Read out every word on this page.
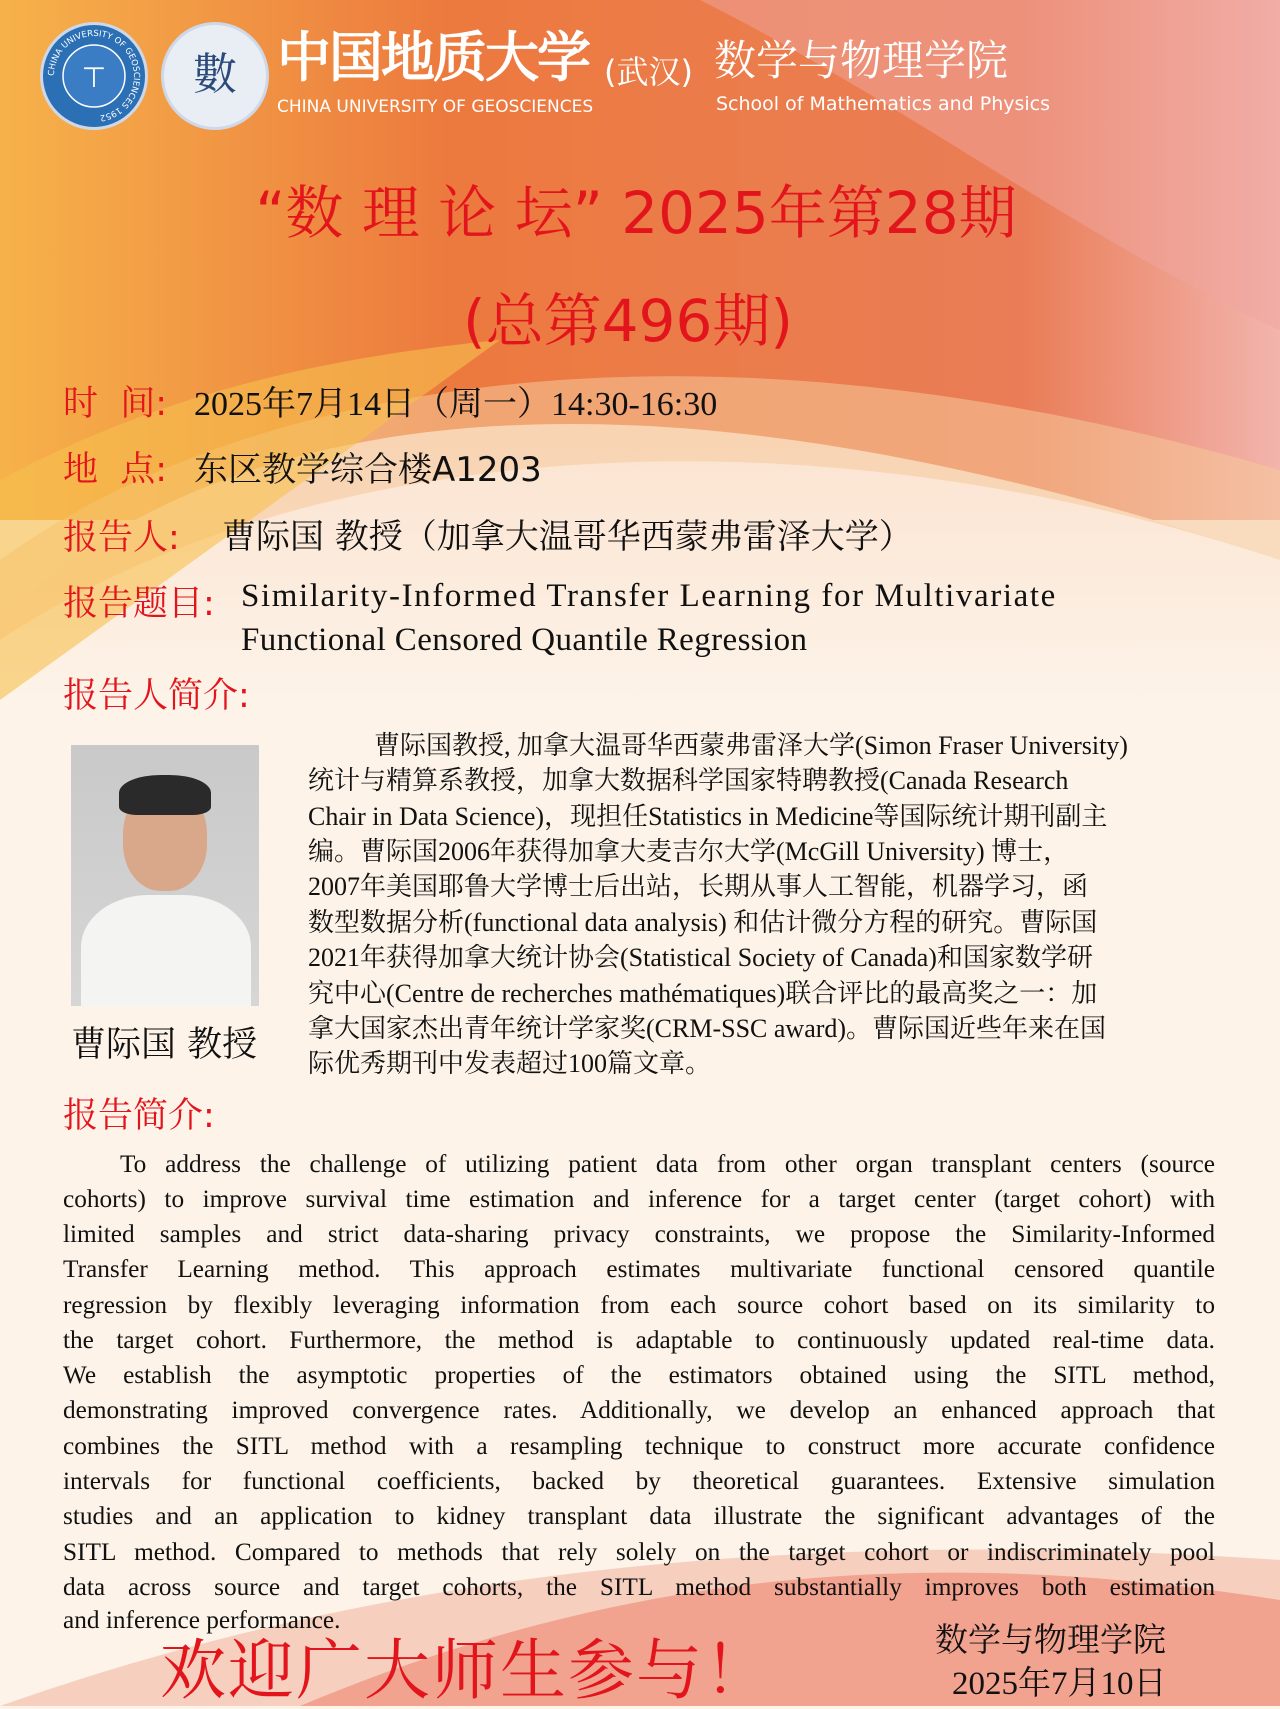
CHINA UNIVERSITY OF GEOSCIENCES 1952
⊤	數 中国地质大学 (武汉)
CHINA UNIVERSITY OF GEOSCIENCES
数学与物理学院
School of Mathematics and Physics
“数 理 论 坛” 2025年第28期
(总第496期)
时  间: 2025年7月14日（周一）14:30-16:30
地  点: 东区教学综合楼A1203
报告人: 曹际国 教授（加拿大温哥华西蒙弗雷泽大学）
报告题目: Similarity-Informed Transfer Learning for Multivariate
Functional Censored Quantile Regression
报告人简介:
曹际国 教授
曹际国教授, 加拿大温哥华西蒙弗雷泽大学(Simon Fraser University)
统计与精算系教授，加拿大数据科学国家特聘教授(Canada Research
Chair in Data Science)，现担任Statistics in Medicine等国际统计期刊副主
编。曹际国2006年获得加拿大麦吉尔大学(McGill University) 博士，
2007年美国耶鲁大学博士后出站，长期从事人工智能，机器学习，函
数型数据分析(functional data analysis) 和估计微分方程的研究。曹际国
2021年获得加拿大统计协会(Statistical Society of Canada)和国家数学研
究中心(Centre de recherches mathématiques)联合评比的最高奖之一：加
拿大国家杰出青年统计学家奖(CRM-SSC award)。曹际国近些年来在国
际优秀期刊中发表超过100篇文章。
报告简介:
To address the challenge of utilizing patient data from other organ transplant centers (source
cohorts) to improve survival time estimation and inference for a target center (target cohort) with
limited samples and strict data-sharing privacy constraints, we propose the Similarity-Informed
Transfer Learning method. This approach estimates multivariate functional censored quantile
regression by flexibly leveraging information from each source cohort based on its similarity to
the target cohort. Furthermore, the method is adaptable to continuously updated real-time data.
We establish the asymptotic properties of the estimators obtained using the SITL method,
demonstrating improved convergence rates. Additionally, we develop an enhanced approach that
combines the SITL method with a resampling technique to construct more accurate confidence
intervals for functional coefficients, backed by theoretical guarantees. Extensive simulation
studies and an application to kidney transplant data illustrate the significant advantages of the
SITL method. Compared to methods that rely solely on the target cohort or indiscriminately pool
data across source and target cohorts, the SITL method substantially improves both estimation
and inference performance.
欢迎广大师生参与！	数学与物理学院
2025年7月10日
